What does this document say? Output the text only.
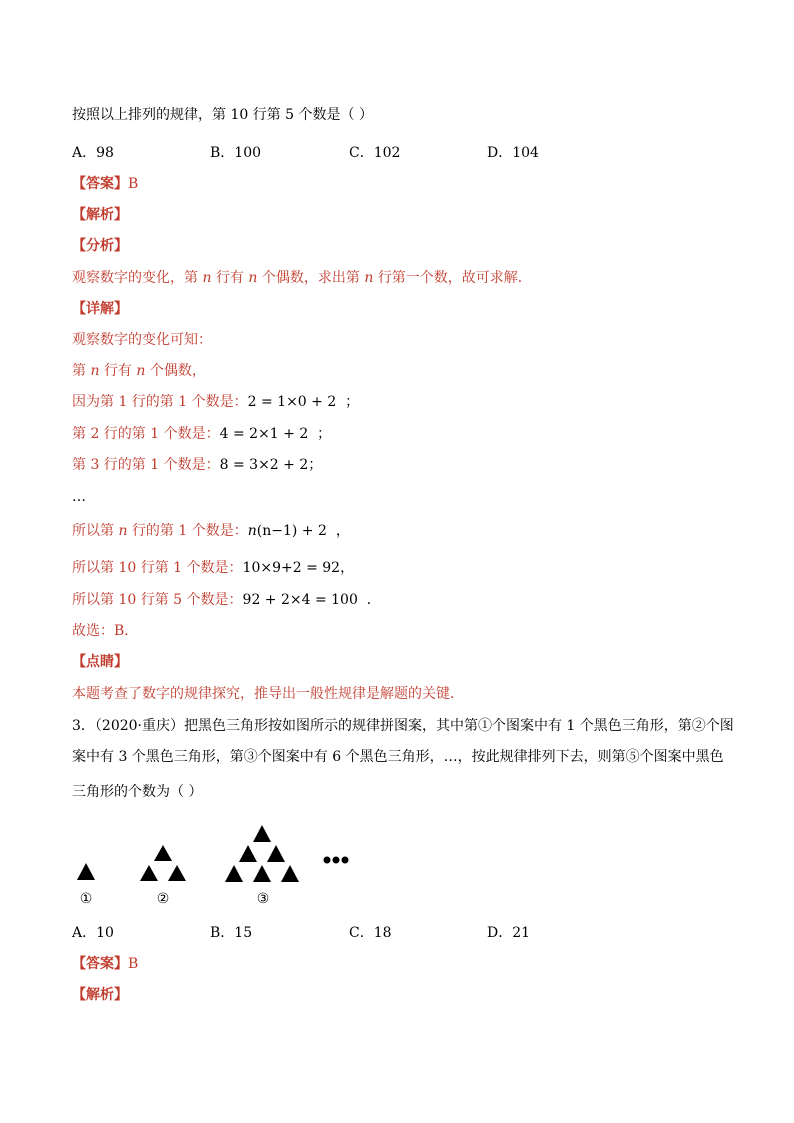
按照以上排列的规律，第 10 行第 5 个数是（ ）
A．98	B．100	C．102	D．104
【答案】B
【解析】
【分析】
观察数字的变化，第 n 行有 n 个偶数，求出第 n 行第一个数，故可求解．
【详解】
观察数字的变化可知：
第 n 行有 n 个偶数，
因为第 1 行的第 1 个数是：2 = 1×0 + 2 ；
第 2 行的第 1 个数是：4 = 2×1 + 2 ；
第 3 行的第 1 个数是：8 = 3×2 + 2；
…
所以第 n 行的第 1 个数是：n(n−1) + 2 ，
所以第 10 行第 1 个数是：10×9+2 = 92，
所以第 10 行第 5 个数是：92 + 2×4 = 100 ．
故选：B．
【点睛】
本题考查了数字的规律探究，推导出一般性规律是解题的关键．
3．（2020·重庆）把黑色三角形按如图所示的规律拼图案，其中第①个图案中有 1 个黑色三角形，第②个图
案中有 3 个黑色三角形，第③个图案中有 6 个黑色三角形，…，按此规律排列下去，则第⑤个图案中黑色
三角形的个数为（ ）
①	②	③
A．10	B．15	C．18	D．21
【答案】B
【解析】
